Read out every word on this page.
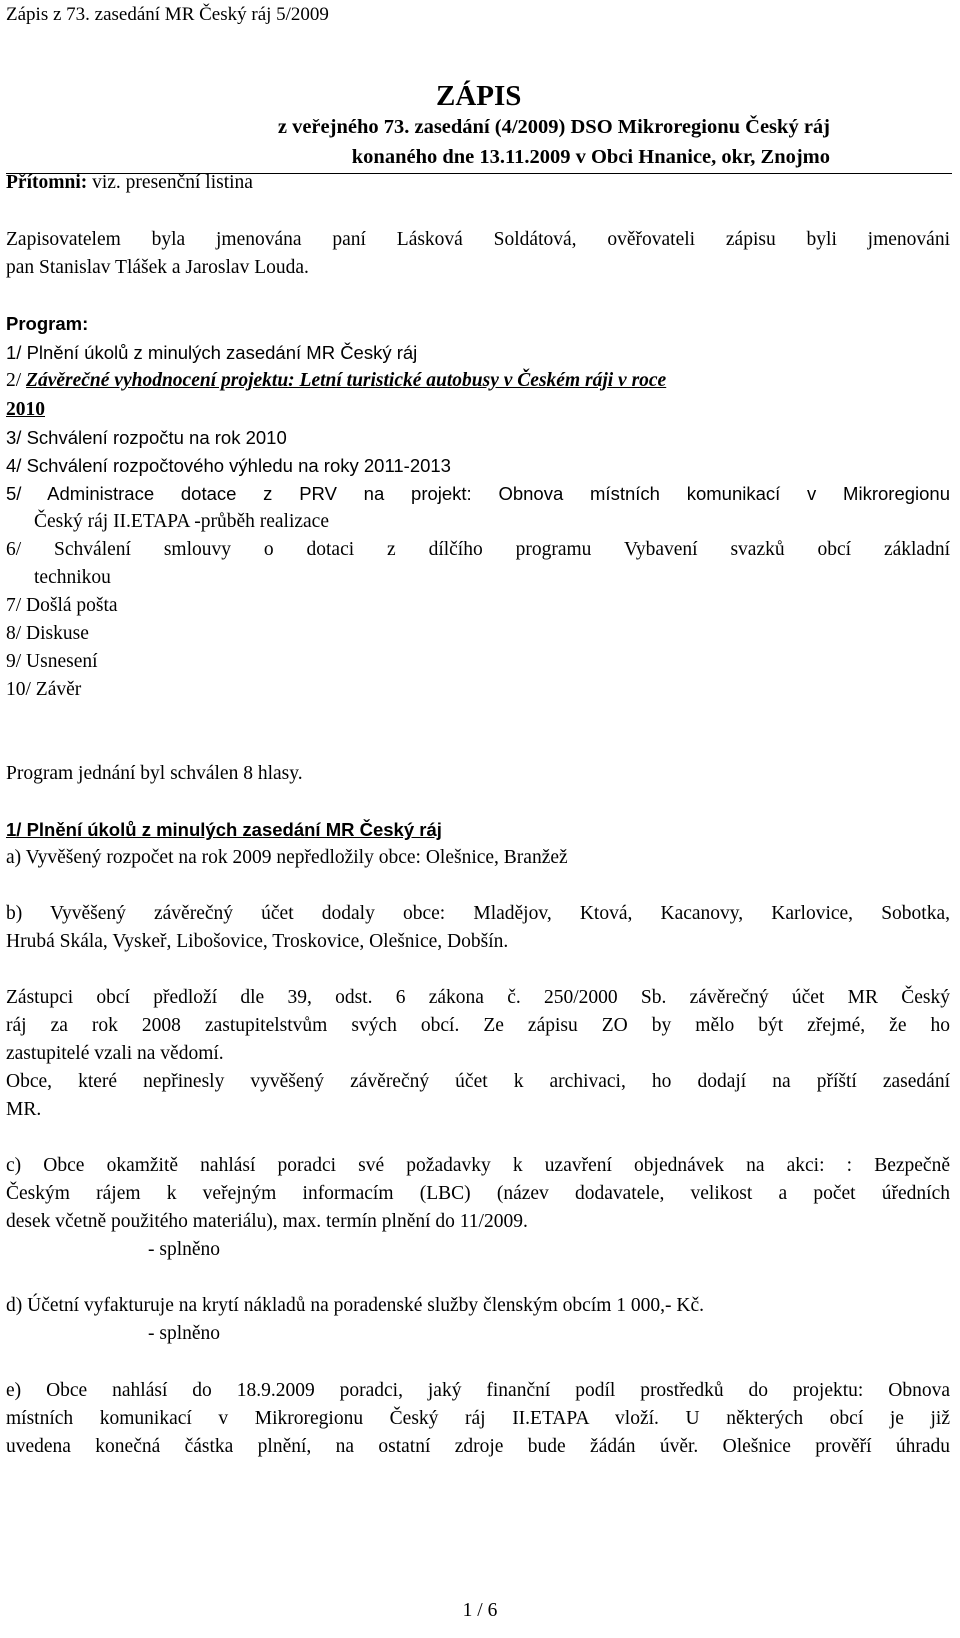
Zápis z 73. zasedání MR Český ráj 5/2009
ZÁPIS
z veřejného 73. zasedání (4/2009) DSO Mikroregionu Český ráj
konaného dne 13.11.2009 v Obci Hnanice, okr, Znojmo
Přítomni: viz. presenční listina
Zapisovatelem byla jmenována paní Lásková Soldátová, ověřovateli zápisu byli jmenováni
pan Stanislav Tlášek a Jaroslav Louda.
Program:
1/ Plnění úkolů z minulých zasedání MR Český ráj
2/ Závěrečné vyhodnocení projektu: Letní turistické autobusy v Českém ráji v roce
2010
3/ Schválení rozpočtu na rok 2010
4/ Schválení rozpočtového výhledu na roky 2011-2013
5/ Administrace dotace z PRV na projekt: Obnova místních komunikací v Mikroregionu
Český ráj II.ETAPA -průběh realizace
6/ Schválení smlouvy o dotaci z dílčího programu Vybavení svazků obcí základní
technikou
7/ Došlá pošta
8/ Diskuse
9/ Usnesení
10/ Závěr
Program jednání byl schválen 8 hlasy.
1/ Plnění úkolů z minulých zasedání MR Český ráj
a) Vyvěšený rozpočet na rok 2009 nepředložily obce: Olešnice, Branžež
b) Vyvěšený závěrečný účet dodaly obce: Mladějov, Ktová, Kacanovy, Karlovice, Sobotka,
Hrubá Skála, Vyskeř, Libošovice, Troskovice, Olešnice, Dobšín.
Zástupci obcí předloží dle 39, odst. 6 zákona č. 250/2000 Sb. závěrečný účet MR Český
ráj za rok 2008 zastupitelstvům svých obcí. Ze zápisu ZO by mělo být zřejmé, že ho
zastupitelé vzali na vědomí.
Obce, které nepřinesly vyvěšený závěrečný účet k archivaci, ho dodají na příští zasedání
MR.
c) Obce okamžitě nahlásí poradci své požadavky k uzavření objednávek na akci: : Bezpečně
Českým rájem k veřejným informacím (LBC) (název dodavatele, velikost a počet úředních
desek včetně použitého materiálu), max. termín plnění do 11/2009.
- splněno
d) Účetní vyfakturuje na krytí nákladů na poradenské služby členským obcím 1 000,- Kč.
- splněno
e) Obce nahlásí do 18.9.2009 poradci, jaký finanční podíl prostředků do projektu: Obnova
místních komunikací v Mikroregionu Český ráj II.ETAPA vloží. U některých obcí je již
uvedena konečná částka plnění, na ostatní zdroje bude žádán úvěr. Olešnice prověří úhradu
1 / 6
